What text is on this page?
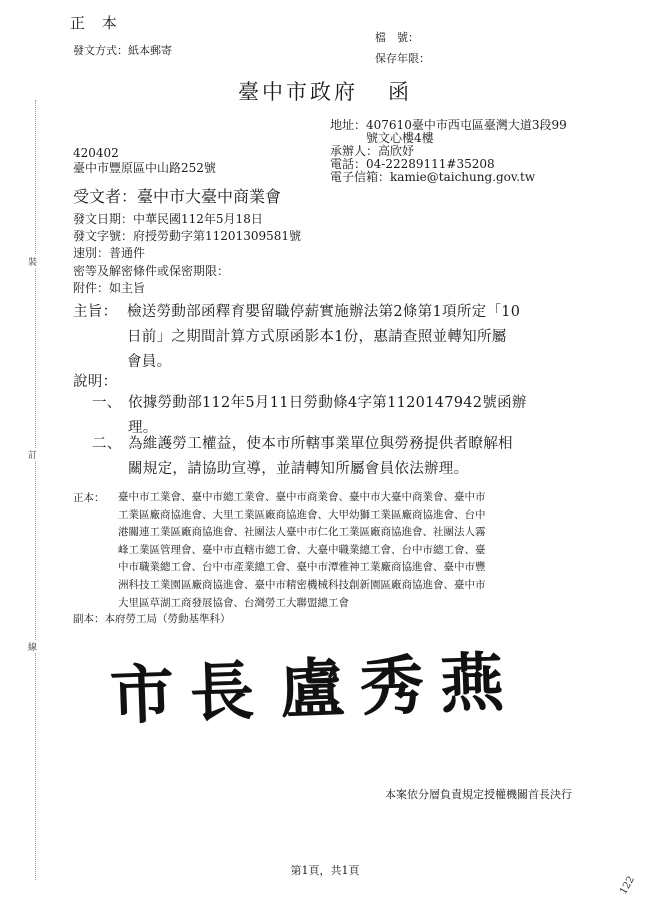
正 本
發文方式：紙本郵寄
檔　號：
保存年限：
臺中市政府 函
地址：407610臺中市西屯區臺灣大道3段99
號文心樓4樓
承辦人：高欣妤
電話：04-22289111#35208
電子信箱：kamie@taichung.gov.tw
420402
臺中市豐原區中山路252號
受文者：臺中市大臺中商業會
發文日期：中華民國112年5月18日
發文字號：府授勞動字第11201309581號
速別：普通件
密等及解密條件或保密期限：
附件：如主旨
主旨： 檢送勞動部函釋育嬰留職停薪實施辦法第2條第1項所定「10
日前」之期間計算方式原函影本1份，惠請查照並轉知所屬
會員。
說明：
一、 依據勞動部112年5月11日勞動條4字第1120147942號函辦
理。
二、 為維護勞工權益，使本市所轄事業單位與勞務提供者瞭解相
關規定，請協助宣導，並請轉知所屬會員依法辦理。
正本： 臺中市工業會、臺中市總工業會、臺中市商業會、臺中市大臺中商業會、臺中市
工業區廠商協進會、大里工業區廠商協進會、大甲幼獅工業區廠商協進會、台中
港關連工業區廠商協進會、社團法人臺中市仁化工業區廠商協進會、社團法人霧
峰工業區管理會、臺中市直轄市總工會、大臺中職業總工會、台中市總工會、臺
中市職業總工會、台中市產業總工會、臺中市潭雅神工業廠商協進會、臺中市豐
洲科技工業園區廠商協進會、臺中市精密機械科技創新園區廠商協進會、臺中市
大里區草湖工商發展協會、台灣勞工大聯盟總工會
副本：本府勞工局（勞動基準科）
市長 盧秀燕
本案依分層負責規定授權機關首長決行
第1頁，共1頁
裝
訂
線
122
